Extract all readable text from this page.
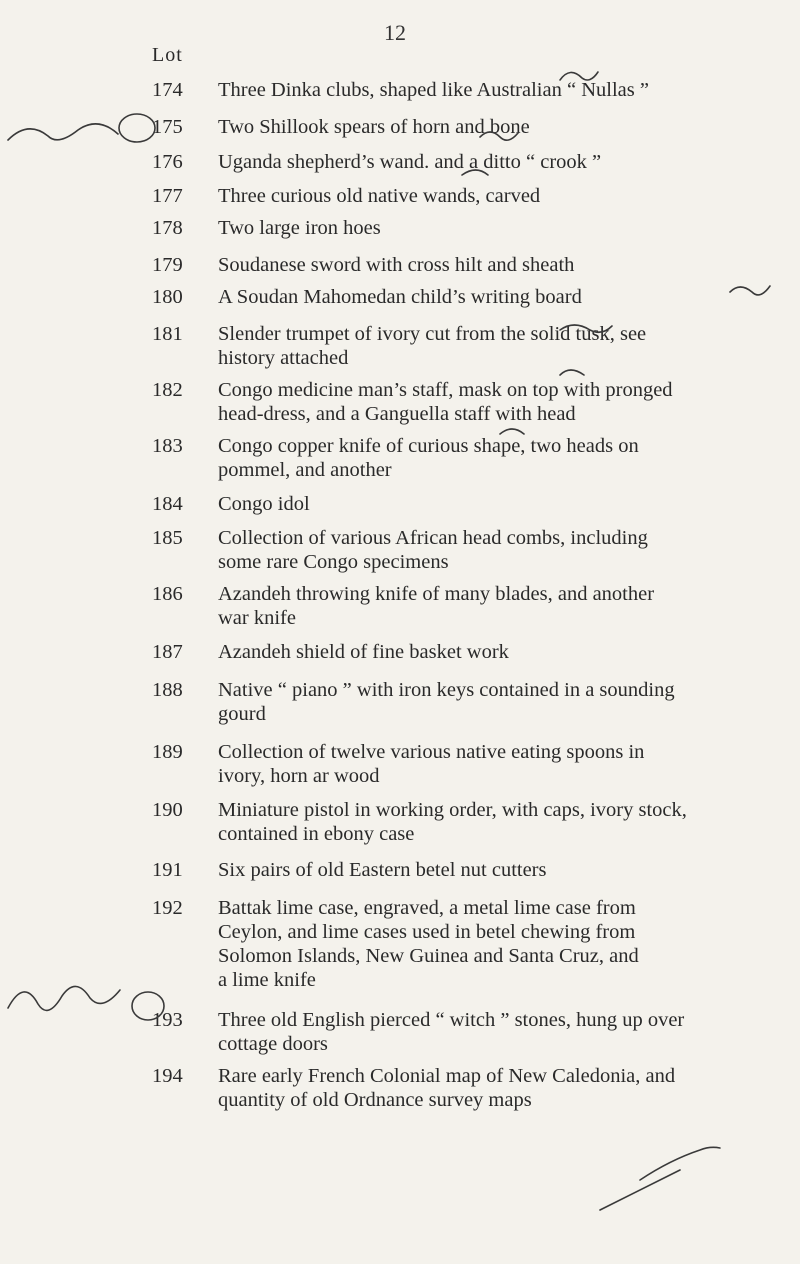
12
Lot
174	Three Dinka clubs, shaped like Australian “ Nullas ”
175	Two Shillook spears of horn and bone
176	Uganda shepherd’s wand. and a ditto “ crook ”
177	Three curious old native wands, carved
178	Two large iron hoes
179	Soudanese sword with cross hilt and sheath
180	A Soudan Mahomedan child’s writing board
181	Slender trumpet of ivory cut from the solid tusk, see
history attached
182	Congo medicine man’s staff, mask on top with pronged
head-dress, and a Ganguella staff with head
183	Congo copper knife of curious shape, two heads on
pommel, and another
184	Congo idol
185	Collection of various African head combs, including
some rare Congo specimens
186	Azandeh throwing knife of many blades, and another
war knife
187	Azandeh shield of fine basket work
188	Native “ piano ” with iron keys contained in a sounding
gourd
189	Collection of twelve various native eating spoons in
ivory, horn ar wood
190	Miniature pistol in working order, with caps, ivory stock,
contained in ebony case
191	Six pairs of old Eastern betel nut cutters
192	Battak lime case, engraved, a metal lime case from
Ceylon, and lime cases used in betel chewing from
Solomon Islands, New Guinea and Santa Cruz, and
a lime knife
193	Three old English pierced “ witch ” stones, hung up over
cottage doors
194	Rare early French Colonial map of New Caledonia, and
quantity of old Ordnance survey maps
